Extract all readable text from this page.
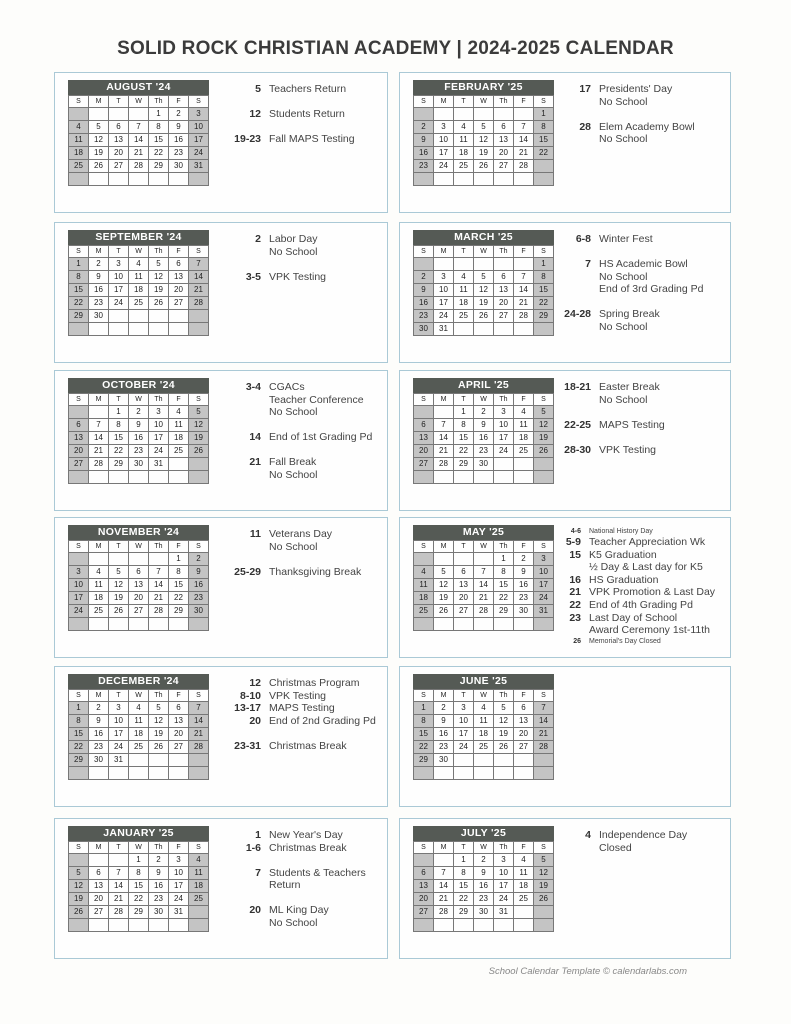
SOLID ROCK CHRISTIAN ACADEMY | 2024-2025 CALENDAR
AUGUST '24
S	M	T	W	Th	F	S
				1	2	3
4	5	6	7	8	9	10
11	12	13	14	15	16	17
18	19	20	21	22	23	24
25	26	27	28	29	30	31

5 Teachers Return

12 Students Return

19-23 Fall MAPS Testing
FEBRUARY '25
S	M	T	W	Th	F	S
						1
2	3	4	5	6	7	8
9	10	11	12	13	14	15
16	17	18	19	20	21	22
23	24	25	26	27	28	

17 Presidents' Day
No School

28 Elem Academy Bowl
No School
SEPTEMBER '24
S	M	T	W	Th	F	S
1	2	3	4	5	6	7
8	9	10	11	12	13	14
15	16	17	18	19	20	21
22	23	24	25	26	27	28
29	30					

2 Labor Day
No School

3-5 VPK Testing
MARCH '25
S	M	T	W	Th	F	S
						1
2	3	4	5	6	7	8
9	10	11	12	13	14	15
16	17	18	19	20	21	22
23	24	25	26	27	28	29
30	31					
6-8 Winter Fest

7 HS Academic Bowl
No School
End of 3rd Grading Pd

24-28 Spring Break
No School
OCTOBER '24
S	M	T	W	Th	F	S
		1	2	3	4	5
6	7	8	9	10	11	12
13	14	15	16	17	18	19
20	21	22	23	24	25	26
27	28	29	30	31		

3-4 CGACs
Teacher Conference
No School

14 End of 1st Grading Pd

21 Fall Break
No School
APRIL '25
S	M	T	W	Th	F	S
		1	2	3	4	5
6	7	8	9	10	11	12
13	14	15	16	17	18	19
20	21	22	23	24	25	26
27	28	29	30			

18-21 Easter Break
No School

22-25 MAPS Testing

28-30 VPK Testing
NOVEMBER '24
S	M	T	W	Th	F	S
					1	2
3	4	5	6	7	8	9
10	11	12	13	14	15	16
17	18	19	20	21	22	23
24	25	26	27	28	29	30

11 Veterans Day
No School

25-29 Thanksgiving Break
MAY '25
S	M	T	W	Th	F	S
				1	2	3
4	5	6	7	8	9	10
11	12	13	14	15	16	17
18	19	20	21	22	23	24
25	26	27	28	29	30	31

4-6	National History Day
5-9 Teacher Appreciation Wk
15 K5 Graduation
½ Day & Last day for K5
16 HS Graduation
21 VPK Promotion & Last Day
22 End of 4th Grading Pd
23 Last Day of School
Award Ceremony 1st-11th
26	Memorial's Day Closed
DECEMBER '24
S	M	T	W	Th	F	S
1	2	3	4	5	6	7
8	9	10	11	12	13	14
15	16	17	18	19	20	21
22	23	24	25	26	27	28
29	30	31				

12 Christmas Program
8-10 VPK Testing
13-17 MAPS Testing
20 End of 2nd Grading Pd

23-31 Christmas Break
JUNE '25
S	M	T	W	Th	F	S
1	2	3	4	5	6	7
8	9	10	11	12	13	14
15	16	17	18	19	20	21
22	23	24	25	26	27	28
29	30					

JANUARY '25
S	M	T	W	Th	F	S
			1	2	3	4
5	6	7	8	9	10	11
12	13	14	15	16	17	18
19	20	21	22	23	24	25
26	27	28	29	30	31	

1 New Year's Day
1-6 Christmas Break

7 Students & Teachers
Return

20 ML King Day
No School
JULY '25
S	M	T	W	Th	F	S
		1	2	3	4	5
6	7	8	9	10	11	12
13	14	15	16	17	18	19
20	21	22	23	24	25	26
27	28	29	30	31		

4 Independence Day
Closed
School Calendar Template © calendarlabs.com
